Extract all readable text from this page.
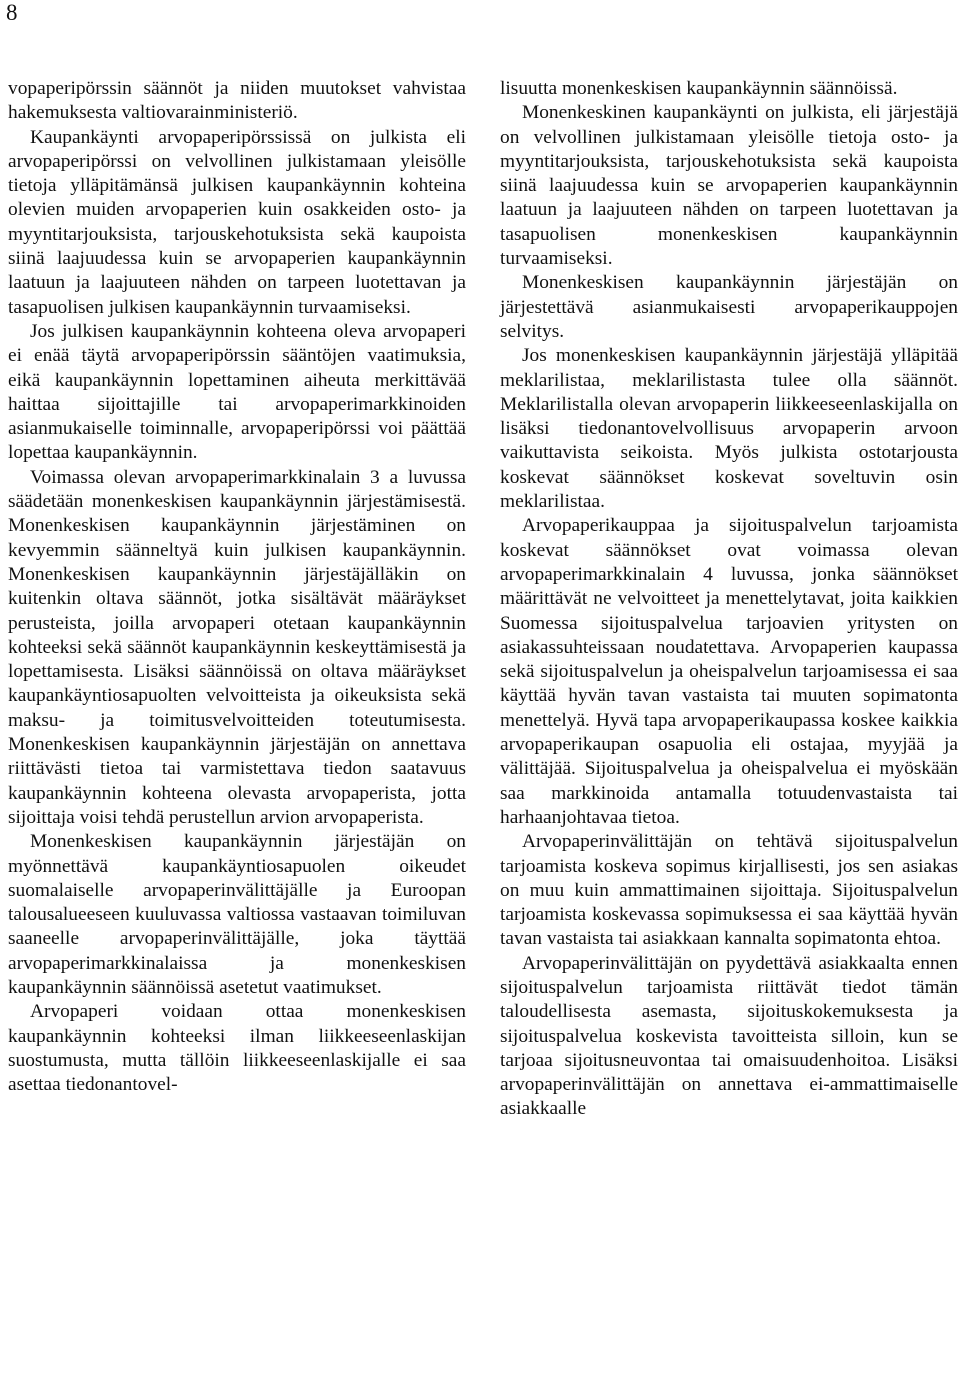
8

vopaperipörssin säännöt ja niiden muutokset vahvistaa hakemuksesta valtiovarainministeriö.

Kaupankäynti arvopaperipörssissä on julkista eli arvopaperipörssi on velvollinen julkistamaan yleisölle tietoja ylläpitämänsä julkisen kaupankäynnin kohteina olevien muiden arvopaperien kuin osakkeiden osto- ja myyntitarjouksista, tarjouskehotuksista sekä kaupoista siinä laajuudessa kuin se arvopaperien kaupankäynnin laatuun ja laajuuteen nähden on tarpeen luotettavan ja tasapuolisen julkisen kaupankäynnin turvaamiseksi.

Jos julkisen kaupankäynnin kohteena oleva arvopaperi ei enää täytä arvopaperipörssin sääntöjen vaatimuksia, eikä kaupankäynnin lopettaminen aiheuta merkittävää haittaa sijoittajille tai arvopaperimarkkinoiden asianmukaiselle toiminnalle, arvopaperipörssi voi päättää lopettaa kaupankäynnin.

Voimassa olevan arvopaperimarkkinalain 3 a luvussa säädetään monenkeskisen kaupankäynnin järjestämisestä. Monenkeskisen kaupankäynnin järjestäminen on kevyemmin säänneltyä kuin julkisen kaupankäynnin. Monenkeskisen kaupankäynnin järjestäjälläkin on kuitenkin oltava säännöt, jotka sisältävät määräykset perusteista, joilla arvopaperi otetaan kaupankäynnin kohteeksi sekä säännöt kaupankäynnin keskeyttämisestä ja lopettamisesta. Lisäksi säännöissä on oltava määräykset kaupankäyntiosapuolten velvoitteista ja oikeuksista sekä maksu- ja toimitusvelvoitteiden toteutumisesta. Monenkeskisen kaupankäynnin järjestäjän on annettava riittävästi tietoa tai varmistettava tiedon saatavuus kaupankäynnin kohteena olevasta arvopaperista, jotta sijoittaja voisi tehdä perustellun arvion arvopaperista.

Monenkeskisen kaupankäynnin järjestäjän on myönnettävä kaupankäyntiosapuolen oikeudet suomalaiselle arvopaperinvälittäjälle ja Euroopan talousalueeseen kuuluvassa valtiossa vastaavan toimiluvan saaneelle arvopaperinvälittäjälle, joka täyttää arvopaperimarkkinalaissa ja monenkeskisen kaupankäynnin säännöissä asetetut vaatimukset.

Arvopaperi voidaan ottaa monenkeskisen kaupankäynnin kohteeksi ilman liikkeeseenlaskijan suostumusta, mutta tällöin liikkeeseenlaskijalle ei saa asettaa tiedonantovel-

lisuutta monenkeskisen kaupankäynnin säännöissä.

Monenkeskinen kaupankäynti on julkista, eli järjestäjä on velvollinen julkistamaan yleisölle tietoja osto- ja myyntitarjouksista, tarjouskehotuksista sekä kaupoista siinä laajuudessa kuin se arvopaperien kaupankäynnin laatuun ja laajuuteen nähden on tarpeen luotettavan ja tasapuolisen monenkeskisen kaupankäynnin turvaamiseksi.

Monenkeskisen kaupankäynnin järjestäjän on järjestettävä asianmukaisesti arvopaperikauppojen selvitys.

Jos monenkeskisen kaupankäynnin järjestäjä ylläpitää meklarilistaa, meklarilistasta tulee olla säännöt. Meklarilistalla olevan arvopaperin liikkeeseenlaskijalla on lisäksi tiedonantovelvollisuus arvopaperin arvoon vaikuttavista seikoista. Myös julkista ostotarjousta koskevat säännökset koskevat soveltuvin osin meklarilistaa.

Arvopaperikauppaa ja sijoituspalvelun tarjoamista koskevat säännökset ovat voimassa olevan arvopaperimarkkinalain 4 luvussa, jonka säännökset määrittävät ne velvoitteet ja menettelytavat, joita kaikkien Suomessa sijoituspalvelua tarjoavien yritysten on asiakassuhteissaan noudatettava. Arvopaperien kaupassa sekä sijoituspalvelun ja oheispalvelun tarjoamisessa ei saa käyttää hyvän tavan vastaista tai muuten sopimatonta menettelyä. Hyvä tapa arvopaperikaupassa koskee kaikkia arvopaperikaupan osapuolia eli ostajaa, myyjää ja välittäjää. Sijoituspalvelua ja oheispalvelua ei myöskään saa markkinoida antamalla totuudenvastaista tai harhaanjohtavaa tietoa.

Arvopaperinvälittäjän on tehtävä sijoituspalvelun tarjoamista koskeva sopimus kirjallisesti, jos sen asiakas on muu kuin ammattimainen sijoittaja. Sijoituspalvelun tarjoamista koskevassa sopimuksessa ei saa käyttää hyvän tavan vastaista tai asiakkaan kannalta sopimatonta ehtoa.

Arvopaperinvälittäjän on pyydettävä asiakkaalta ennen sijoituspalvelun tarjoamista riittävät tiedot tämän taloudellisesta asemasta, sijoituskokemuksesta ja sijoituspalvelua koskevista tavoitteista silloin, kun se tarjoaa sijoitusneuvontaa tai omaisuudenhoitoa. Lisäksi arvopaperinvälittäjän on annettava ei-ammattimaiselle asiakkaalle
